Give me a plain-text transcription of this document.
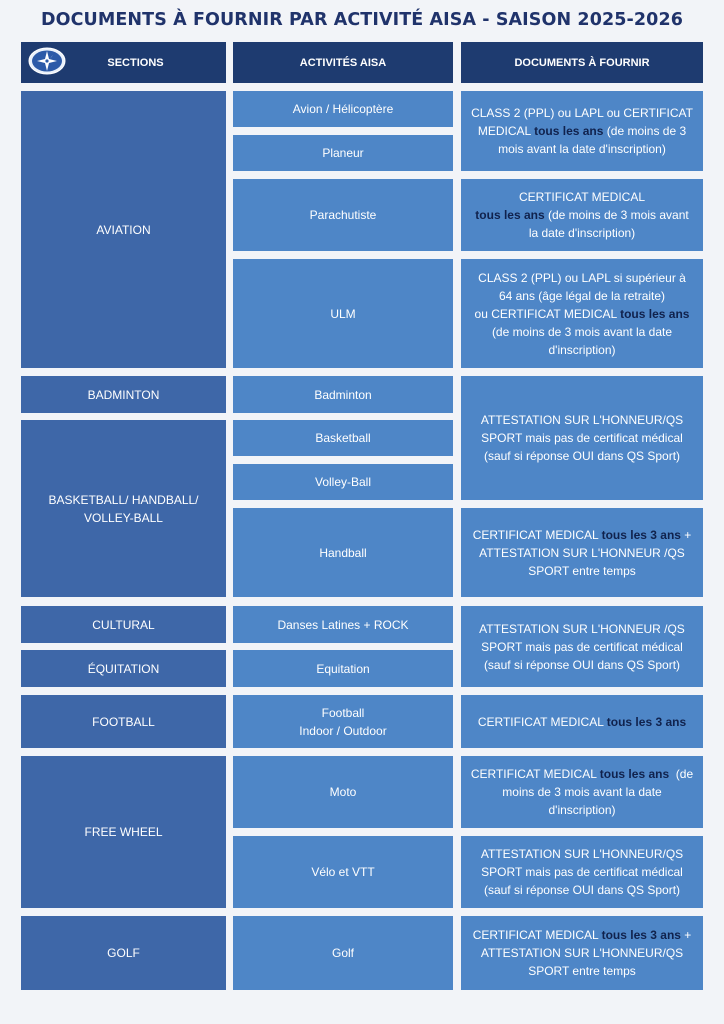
DOCUMENTS À FOURNIR PAR ACTIVITÉ AISA - SAISON 2025-2026
SECTIONS	ACTIVITÉS AISA	DOCUMENTS À FOURNIR
AVIATION
BADMINTON
BASKETBALL/ HANDBALL/
VOLLEY-BALL
CULTURAL
ÉQUITATION
FOOTBALL
FREE WHEEL
GOLF
Avion / Hélicoptère
Planeur
Parachutiste
ULM
Badminton
Basketball
Volley-Ball
Handball
Danses Latines + ROCK
Equitation
Football
Indoor / Outdoor
Moto
Vélo et VTT
Golf
CLASS 2 (PPL) ou LAPL ou CERTIFICAT
MEDICAL tous les ans (de moins de 3
mois avant la date d'inscription)
CERTIFICAT MEDICAL
tous les ans (de moins de 3 mois avant
la date d'inscription)
CLASS 2 (PPL) ou LAPL si supérieur à
64 ans (âge légal de la retraite)
ou CERTIFICAT MEDICAL tous les ans
(de moins de 3 mois avant la date
d'inscription)
ATTESTATION SUR L'HONNEUR/QS
SPORT mais pas de certificat médical
(sauf si réponse OUI dans QS Sport)
CERTIFICAT MEDICAL tous les 3 ans +
ATTESTATION SUR L'HONNEUR /QS
SPORT entre temps
ATTESTATION SUR L'HONNEUR /QS
SPORT mais pas de certificat médical
(sauf si réponse OUI dans QS Sport)
CERTIFICAT MEDICAL tous les 3 ans
CERTIFICAT MEDICAL tous les ans  (de
moins de 3 mois avant la date
d'inscription)
ATTESTATION SUR L'HONNEUR/QS
SPORT mais pas de certificat médical
(sauf si réponse OUI dans QS Sport)
CERTIFICAT MEDICAL tous les 3 ans +
ATTESTATION SUR L'HONNEUR/QS
SPORT entre temps
